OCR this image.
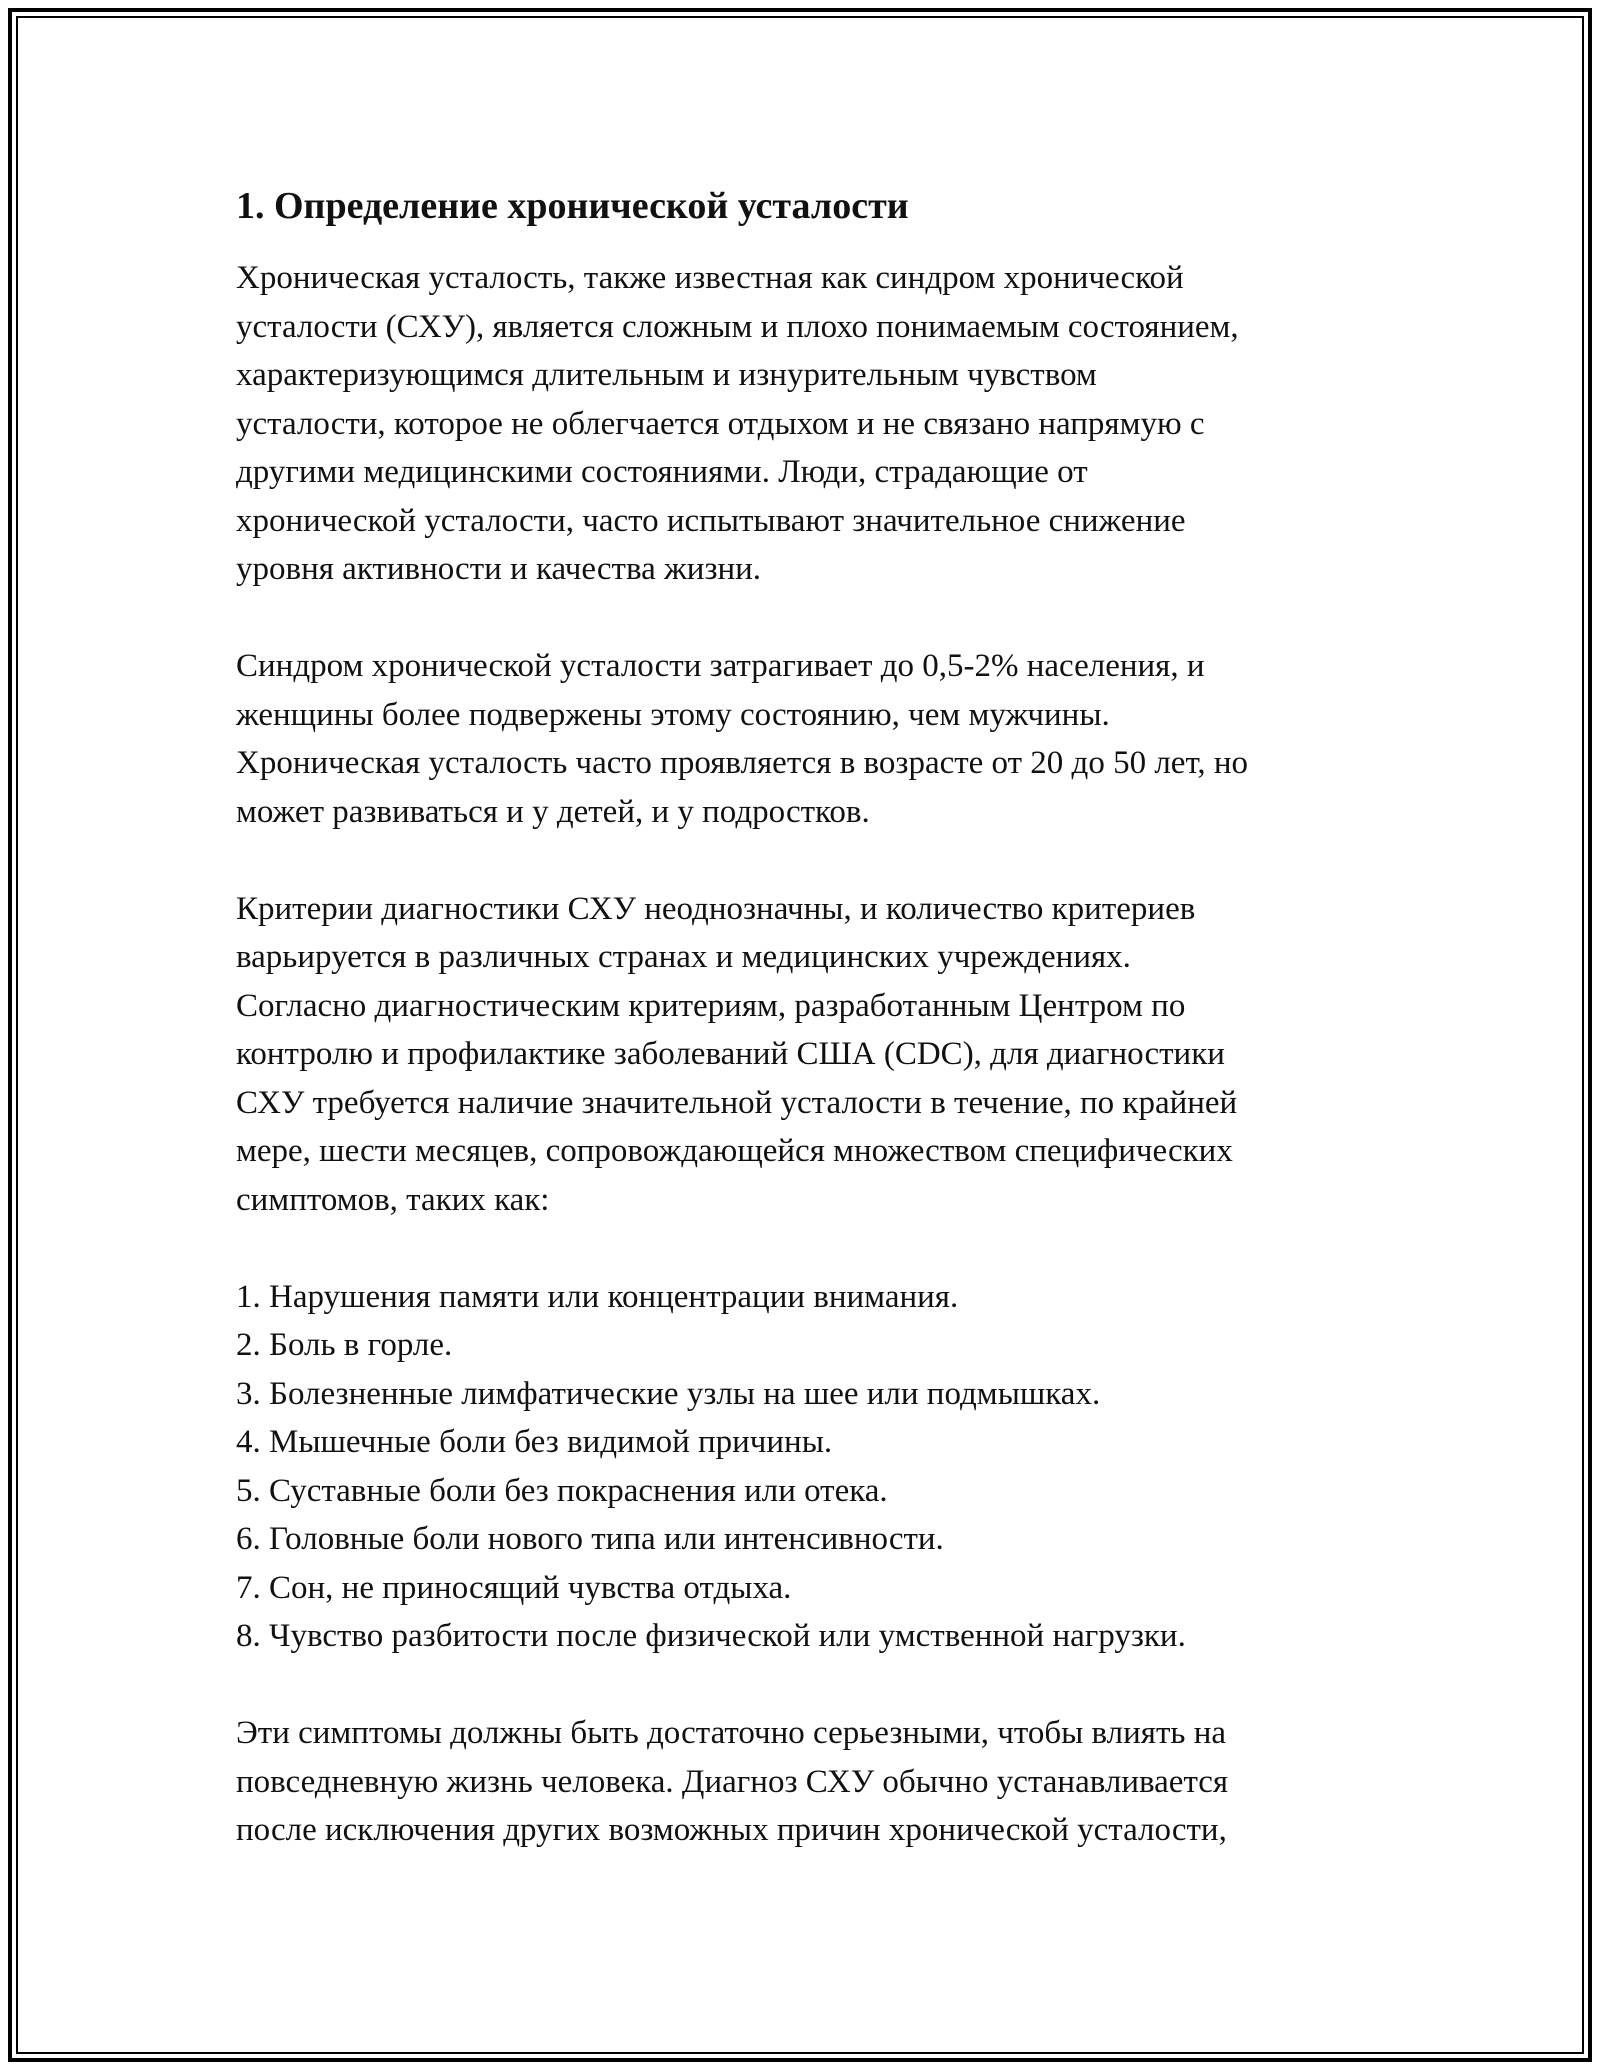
1. Определение хронической усталости

Хроническая усталость, также известная как синдром хронической
усталости (СХУ), является сложным и плохо понимаемым состоянием,
характеризующимся длительным и изнурительным чувством
усталости, которое не облегчается отдыхом и не связано напрямую с
другими медицинскими состояниями. Люди, страдающие от
хронической усталости, часто испытывают значительное снижение
уровня активности и качества жизни.

Синдром хронической усталости затрагивает до 0,5-2% населения, и
женщины более подвержены этому состоянию, чем мужчины.
Хроническая усталость часто проявляется в возрасте от 20 до 50 лет, но
может развиваться и у детей, и у подростков.

Критерии диагностики СХУ неоднозначны, и количество критериев
варьируется в различных странах и медицинских учреждениях.
Согласно диагностическим критериям, разработанным Центром по
контролю и профилактике заболеваний США (CDC), для диагностики
СХУ требуется наличие значительной усталости в течение, по крайней
мере, шести месяцев, сопровождающейся множеством специфических
симптомов, таких как:

1. Нарушения памяти или концентрации внимания.
2. Боль в горле.
3. Болезненные лимфатические узлы на шее или подмышках.
4. Мышечные боли без видимой причины.
5. Суставные боли без покраснения или отека.
6. Головные боли нового типа или интенсивности.
7. Сон, не приносящий чувства отдыха.
8. Чувство разбитости после физической или умственной нагрузки.

Эти симптомы должны быть достаточно серьезными, чтобы влиять на
повседневную жизнь человека. Диагноз СХУ обычно устанавливается
после исключения других возможных причин хронической усталости,
